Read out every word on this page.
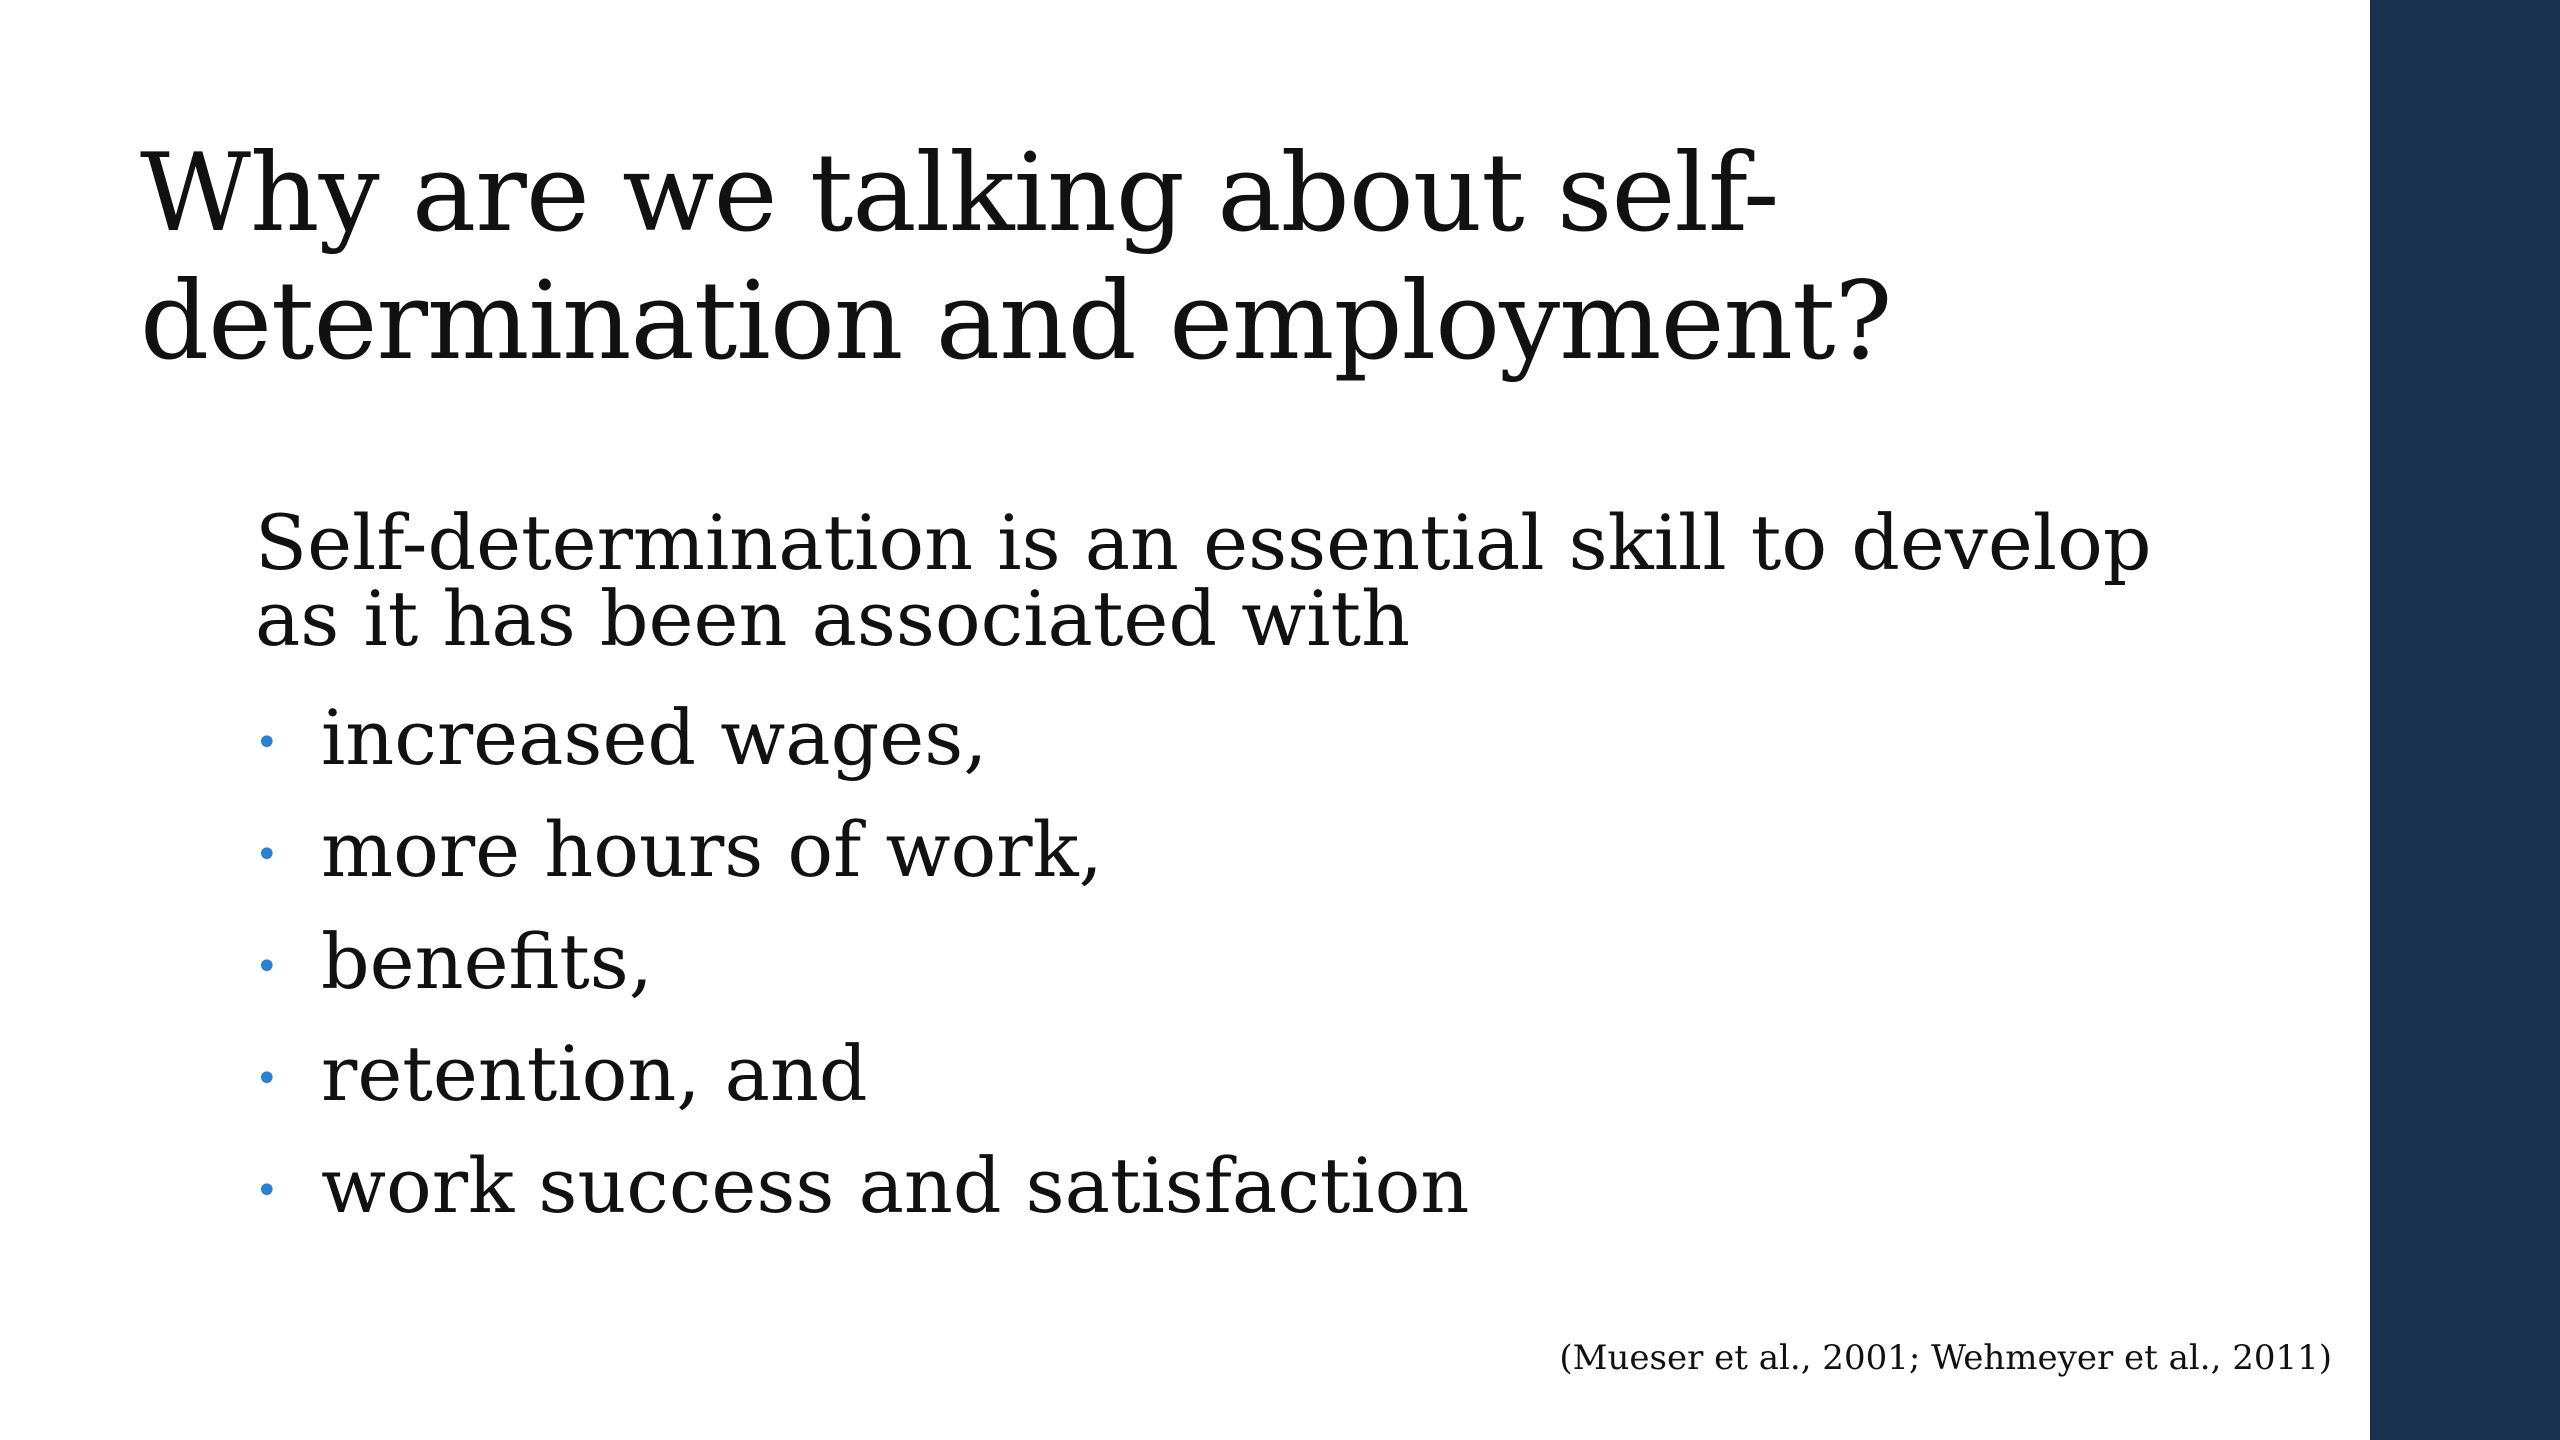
Why are we talking about self-determination and employment?

Self-determination is an essential skill to develop as it has been associated with

• increased wages,
• more hours of work,
• benefits,
• retention, and
• work success and satisfaction
(Mueser et al., 2001; Wehmeyer et al., 2011)
